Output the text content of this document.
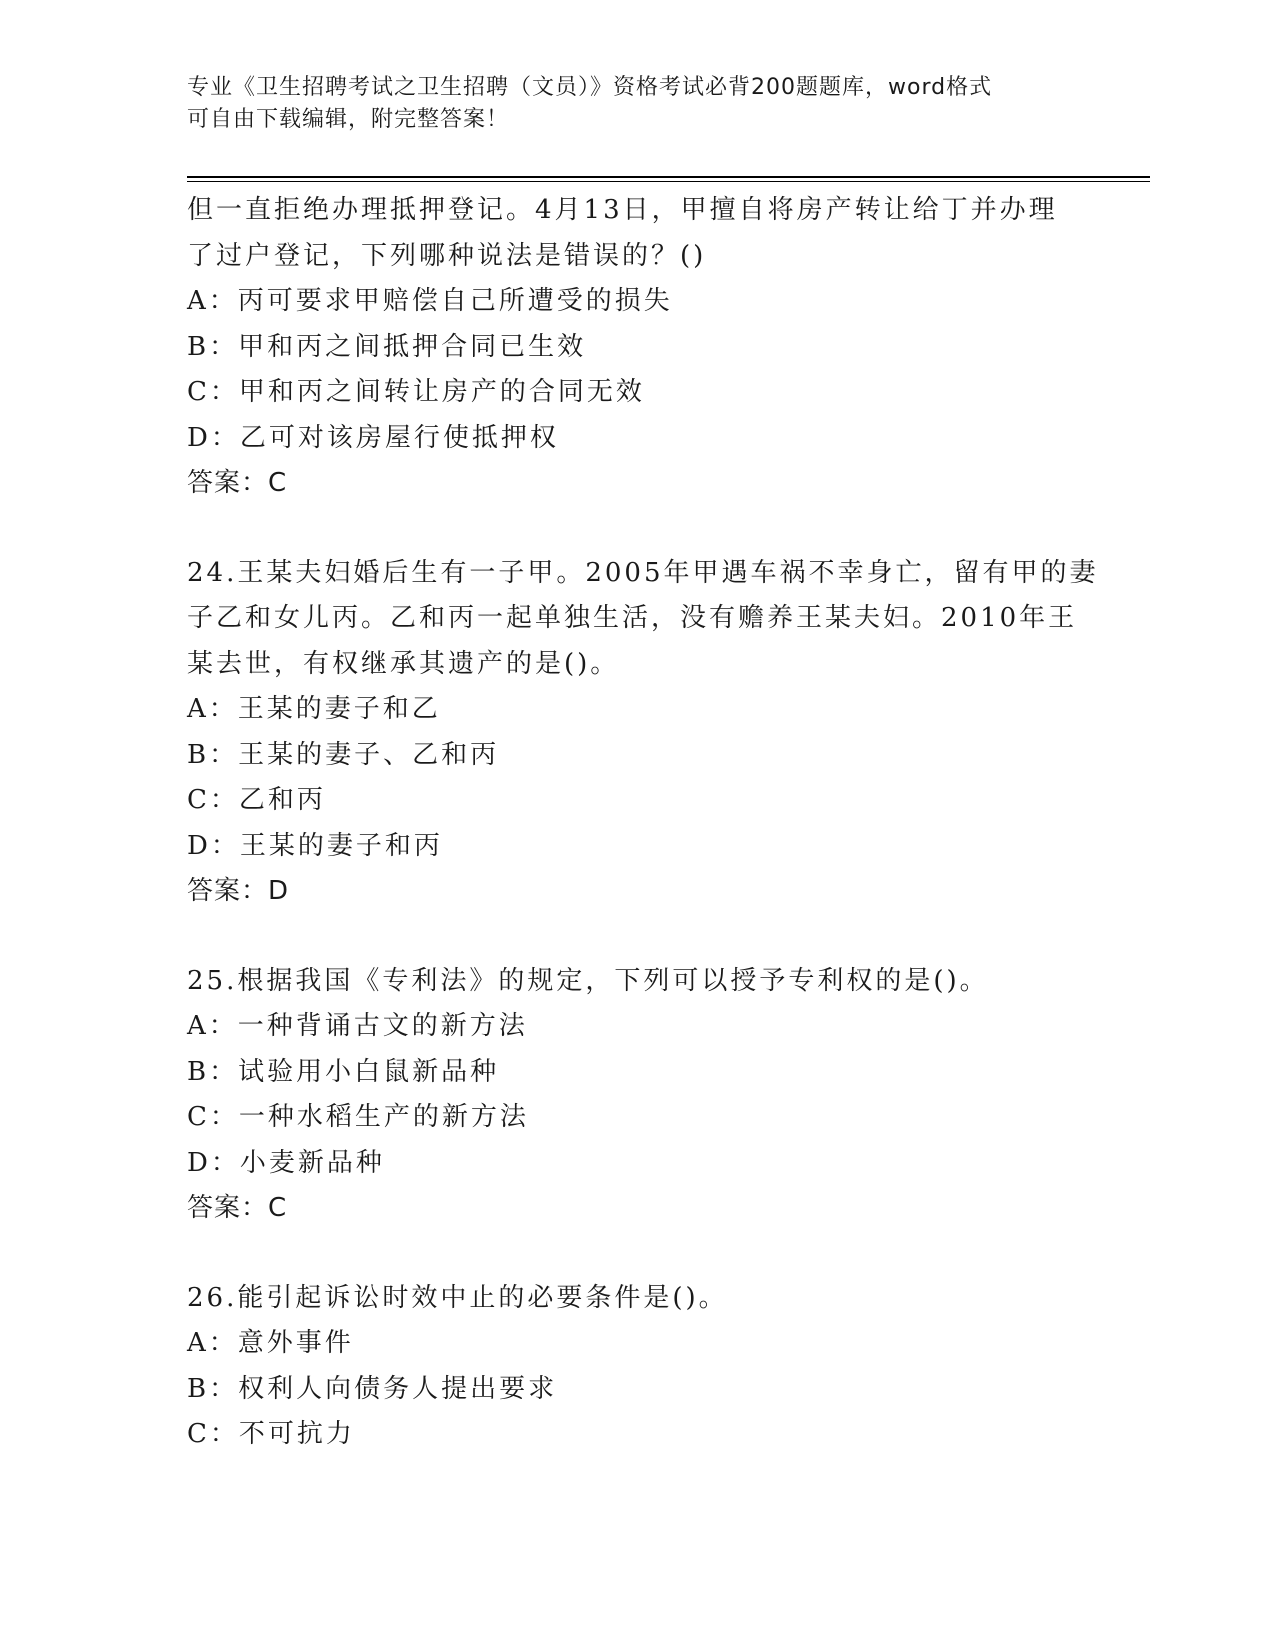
专业《卫生招聘考试之卫生招聘（文员）》资格考试必背200题题库，word格式
可自由下载编辑，附完整答案！
但一直拒绝办理抵押登记。4月13日，甲擅自将房产转让给丁并办理
了过户登记，下列哪种说法是错误的？()
A：丙可要求甲赔偿自己所遭受的损失
B：甲和丙之间抵押合同已生效
C：甲和丙之间转让房产的合同无效
D：乙可对该房屋行使抵押权
答案：C
24.王某夫妇婚后生有一子甲。2005年甲遇车祸不幸身亡，留有甲的妻
子乙和女儿丙。乙和丙一起单独生活，没有赡养王某夫妇。2010年王
某去世，有权继承其遗产的是()。
A：王某的妻子和乙
B：王某的妻子、乙和丙
C：乙和丙
D：王某的妻子和丙
答案：D
25.根据我国《专利法》的规定，下列可以授予专利权的是()。
A：一种背诵古文的新方法
B：试验用小白鼠新品种
C：一种水稻生产的新方法
D：小麦新品种
答案：C
26.能引起诉讼时效中止的必要条件是()。
A：意外事件
B：权利人向债务人提出要求
C：不可抗力
